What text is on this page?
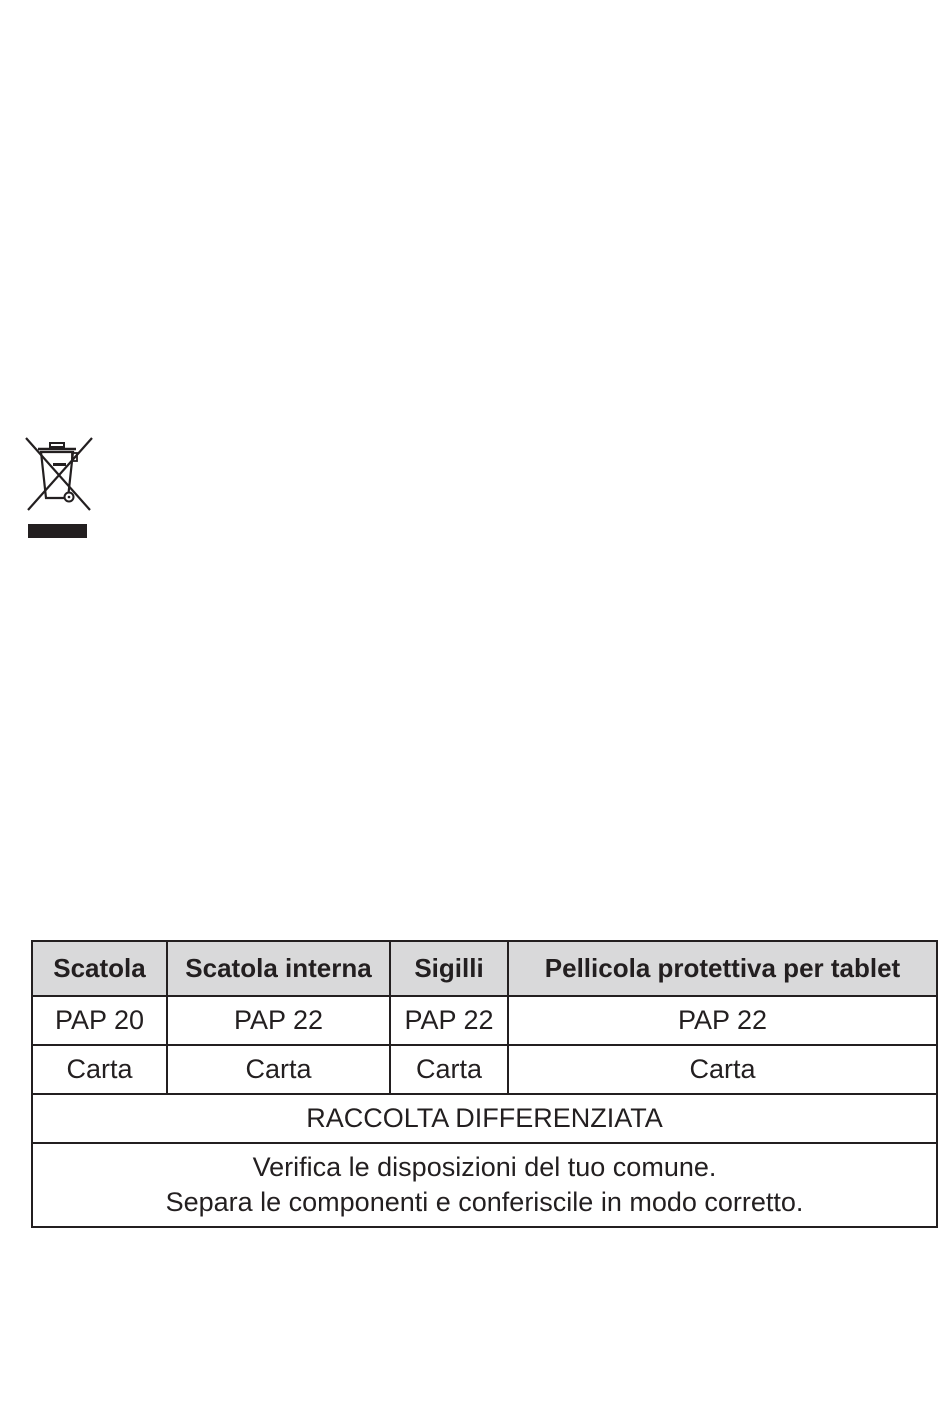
Scatola	Scatola interna	Sigilli	Pellicola protettiva per tablet
PAP 20	PAP 22	PAP 22	PAP 22
Carta	Carta	Carta	Carta
RACCOLTA DIFFERENZIATA			

Verifica le disposizioni del tuo comune.
Separa le componenti e conferiscile in modo corretto.			
